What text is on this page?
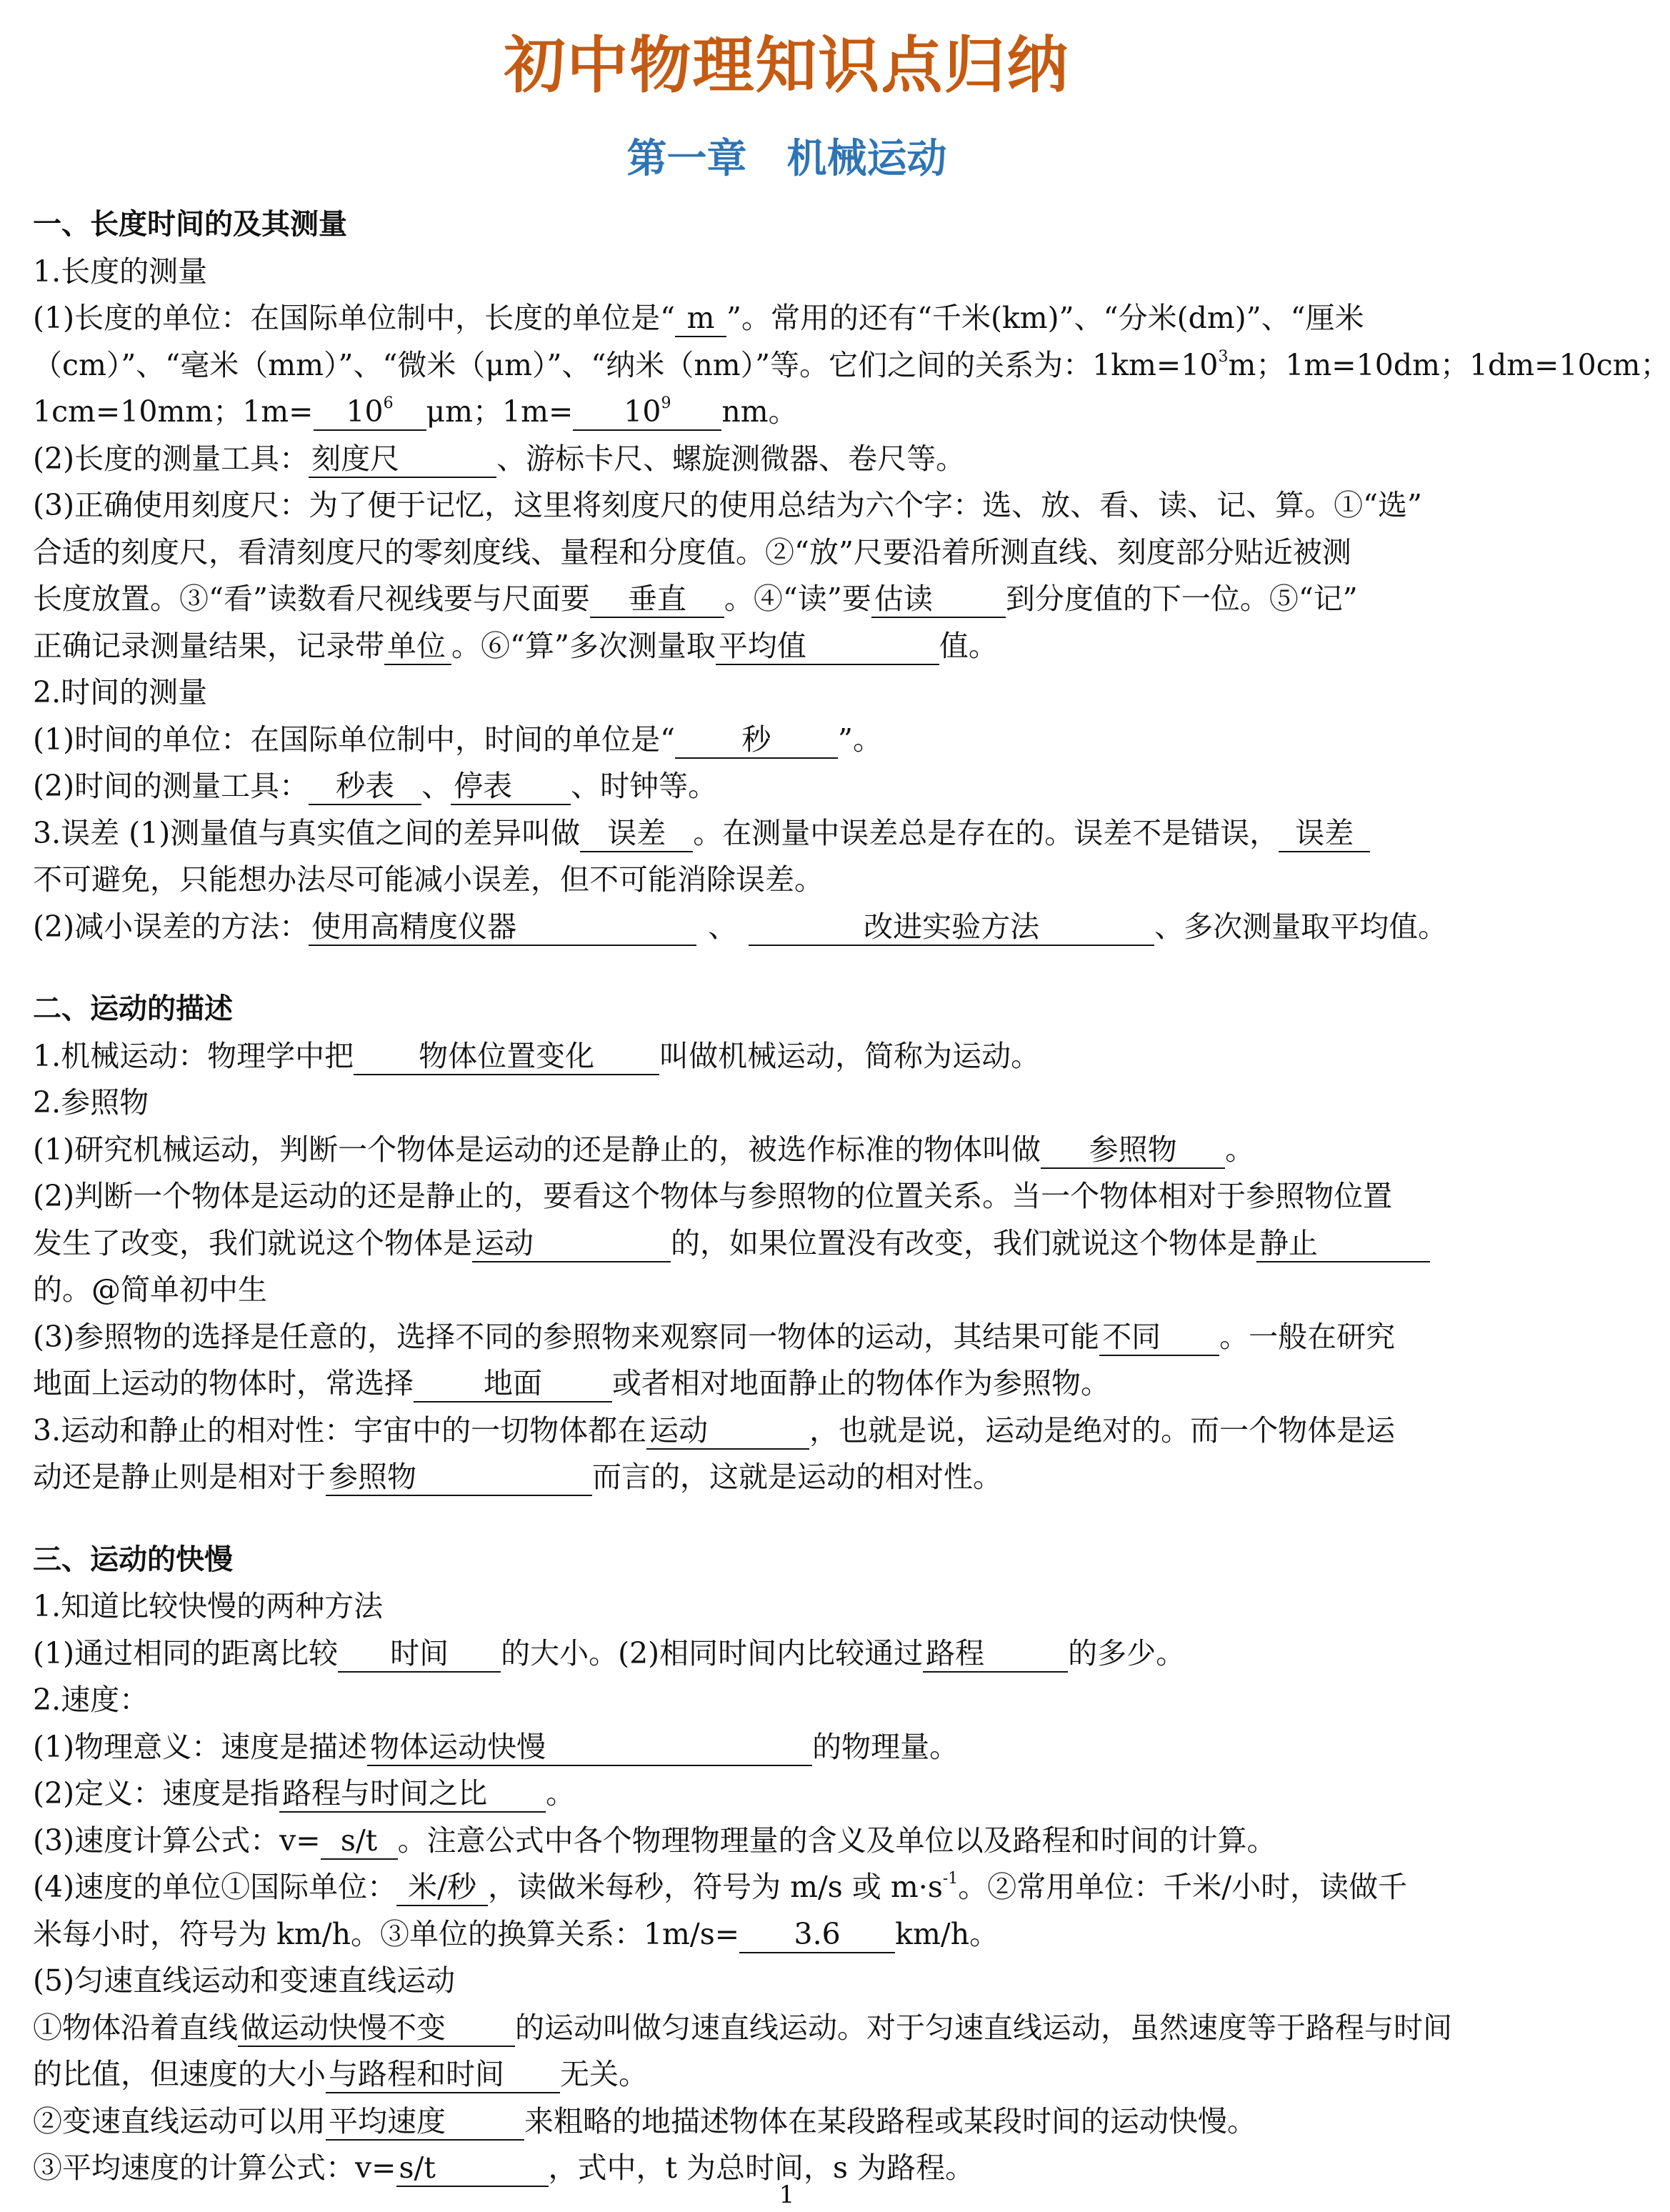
初中物理知识点归纳
第一章　机械运动
一、长度时间的及其测量
1.长度的测量
(1)长度的单位：在国际单位制中，长度的单位是“ m ”。常用的还有“千米(km)”、“分米(dm)”、“厘米
（cm）”、“毫米（mm）”、“微米（μm）”、“纳米（nm）”等。它们之间的关系为：$1km=10^3m$；1m=10dm；1dm=10cm；
1cm=10mm；$1m= 10^6$ μm；$1m= 10^9$ nm。
(2)长度的测量工具：刻度尺	、游标卡尺、螺旋测微器、卷尺等。
(3)正确使用刻度尺：为了便于记忆，这里将刻度尺的使用总结为六个字：选、放、看、读、记、算。①“选”
合适的刻度尺，看清刻度尺的零刻度线、量程和分度值。②“放”尺要沿着所测直线、刻度部分贴近被测
长度放置。③“看”读数看尺视线要与尺面要 垂直 。④“读”要估读 到分度值的下一位。⑤“记”
正确记录测量结果，记录带单位 。⑥“算”多次测量取平均值	值。
2.时间的测量
(1)时间的单位：在国际单位制中，时间的单位是“ 秒 ”。
(2)时间的测量工具： 秒表 、停表 、时钟等。
3.误差 (1)测量值与真实值之间的差异叫做 误差 。在测量中误差总是存在的。误差不是错误， 误差
不可避免，只能想办法尽可能减小误差，但不可能消除误差。
(2)减小误差的方法：使用高精度仪器	、	改进实验方法	、多次测量取平均值。
二、运动的描述
1.机械运动：物理学中把 物体位置变化 叫做机械运动，简称为运动。
2.参照物
(1)研究机械运动，判断一个物体是运动的还是静止的，被选作标准的物体叫做 参照物 。
(2)判断一个物体是运动的还是静止的，要看这个物体与参照物的位置关系。当一个物体相对于参照物位置
发生了改变，我们就说这个物体是运动	的，如果位置没有改变，我们就说这个物体是静止
的。@简单初中生
(3)参照物的选择是任意的，选择不同的参照物来观察同一物体的运动，其结果可能不同 。一般在研究
地面上运动的物体时，常选择 地面 或者相对地面静止的物体作为参照物。
3.运动和静止的相对性：宇宙中的一切物体都在运动	，也就是说，运动是绝对的。而一个物体是运
动还是静止则是相对于参照物	而言的，这就是运动的相对性。
三、运动的快慢
1.知道比较快慢的两种方法
(1)通过相同的距离比较 时间 的大小。(2)相同时间内比较通过路程	的多少。
2.速度：
(1)物理意义：速度是描述物体运动快慢	的物理量。
(2)定义：速度是指路程与时间之比 。
(3)速度计算公式：v= s/t 。注意公式中各个物理物理量的含义及单位以及路程和时间的计算。
(4)速度的单位①国际单位： 米/秒 ，读做米每秒，符号为 m/s 或 $m\cdot s^{-1}$。②常用单位：千米/小时，读做千
米每小时，符号为 km/h。③单位的换算关系：1m/s= 3.6 km/h。
(5)匀速直线运动和变速直线运动
①物体沿着直线做运动快慢不变 的运动叫做匀速直线运动。对于匀速直线运动，虽然速度等于路程与时间
的比值，但速度的大小与路程和时间 无关。
②变速直线运动可以用平均速度	来粗略的地描述物体在某段路程或某段时间的运动快慢。
③平均速度的计算公式：v=s/t	，式中，t 为总时间，s 为路程。
1
